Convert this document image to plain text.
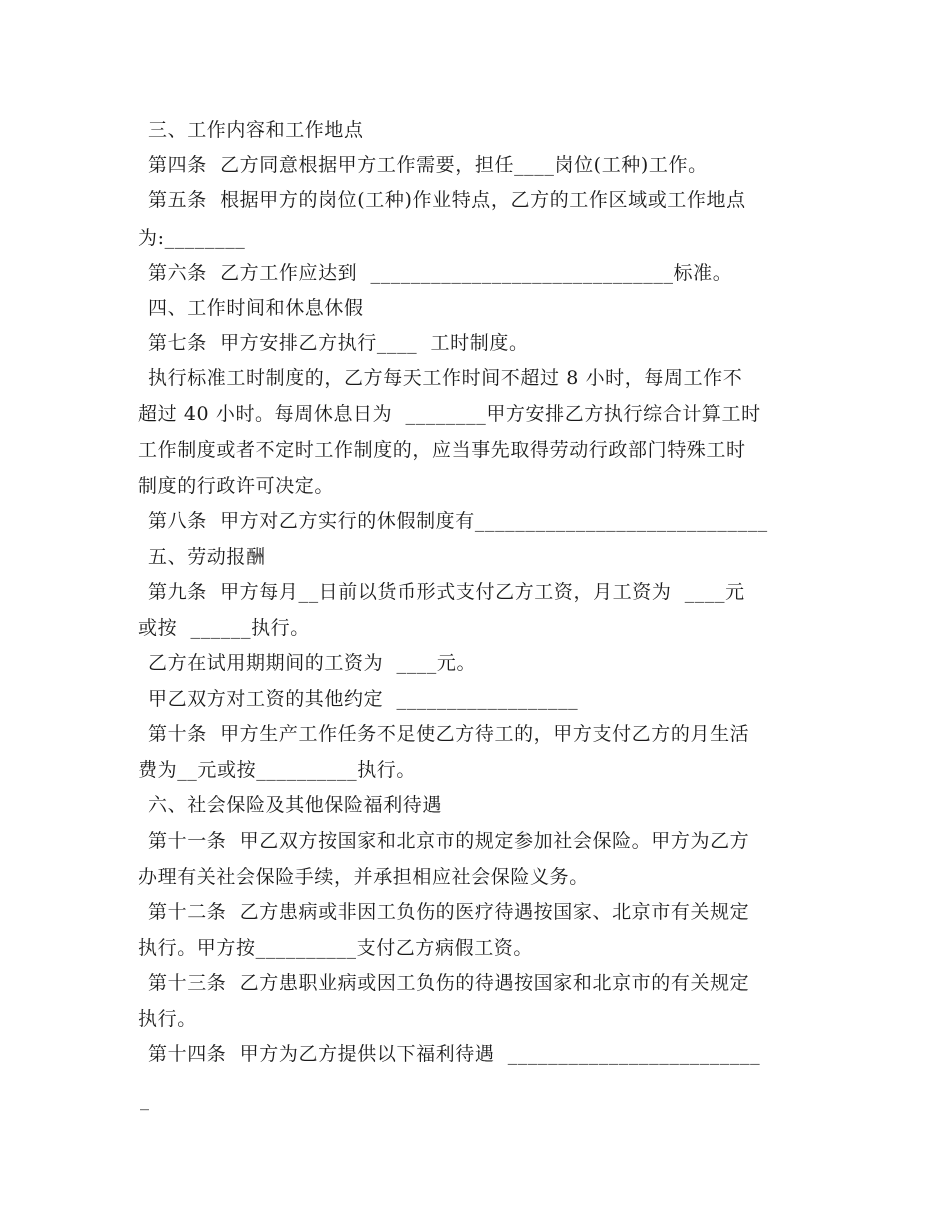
三、工作内容和工作地点
第四条  乙方同意根据甲方工作需要，担任____岗位(工种)工作。
第五条  根据甲方的岗位(工种)作业特点，乙方的工作区域或工作地点
为:________
第六条  乙方工作应达到  ______________________________标准。
四、工作时间和休息休假
第七条  甲方安排乙方执行____  工时制度。
执行标准工时制度的，乙方每天工作时间不超过 8 小时，每周工作不
超过 40 小时。每周休息日为  ________甲方安排乙方执行综合计算工时
工作制度或者不定时工作制度的，应当事先取得劳动行政部门特殊工时
制度的行政许可决定。
第八条  甲方对乙方实行的休假制度有_____________________________
五、劳动报酬
第九条  甲方每月__日前以货币形式支付乙方工资，月工资为  ____元
或按  ______执行。
乙方在试用期期间的工资为  ____元。
甲乙双方对工资的其他约定  __________________
第十条  甲方生产工作任务不足使乙方待工的，甲方支付乙方的月生活
费为__元或按__________执行。
六、社会保险及其他保险福利待遇
第十一条  甲乙双方按国家和北京市的规定参加社会保险。甲方为乙方
办理有关社会保险手续，并承担相应社会保险义务。
第十二条  乙方患病或非因工负伤的医疗待遇按国家、北京市有关规定
执行。甲方按__________支付乙方病假工资。
第十三条  乙方患职业病或因工负伤的待遇按国家和北京市的有关规定
执行。
第十四条  甲方为乙方提供以下福利待遇  _________________________
_
